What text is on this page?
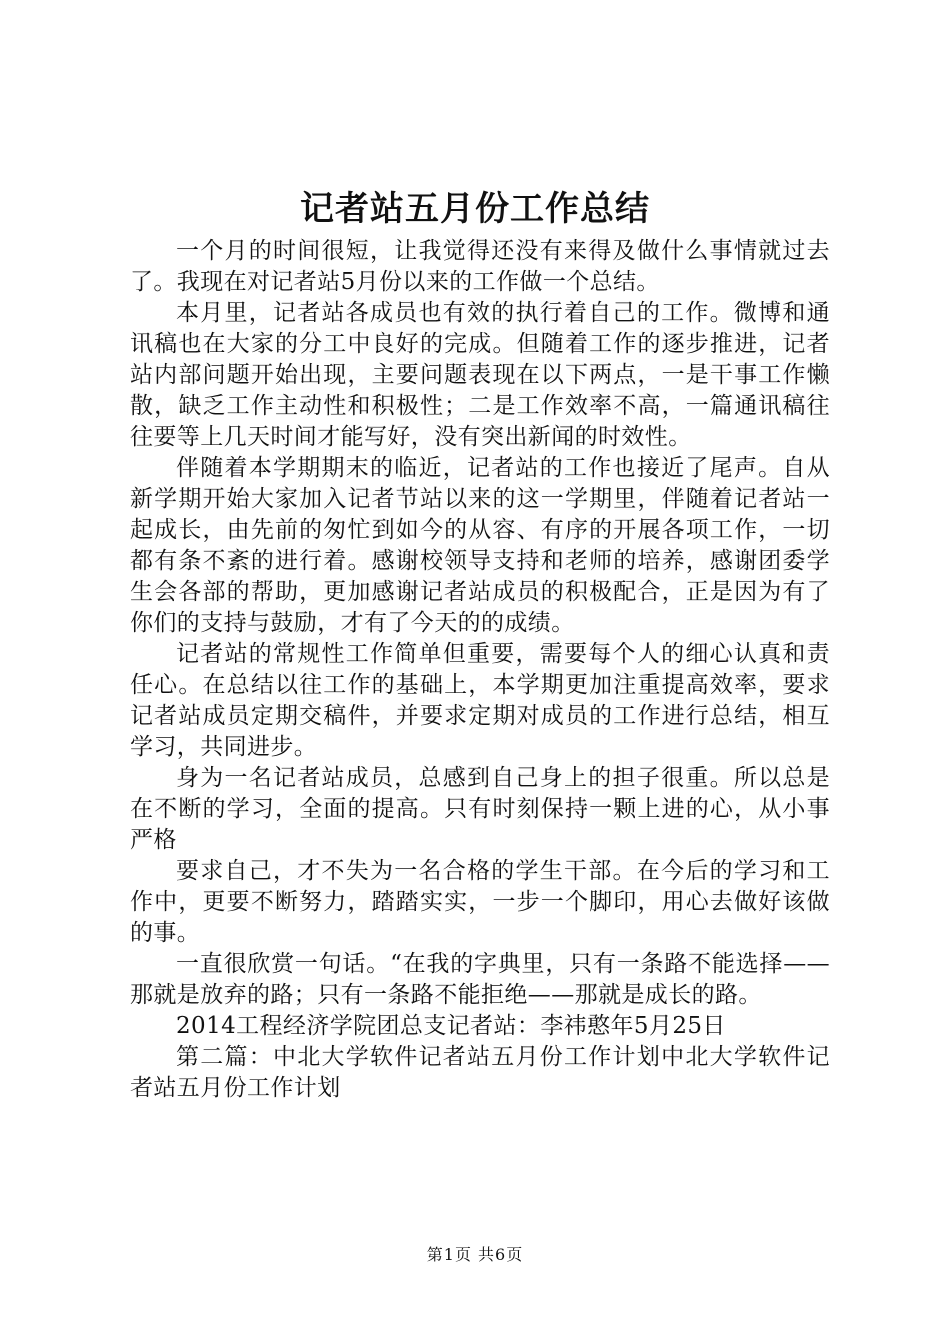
记者站五月份工作总结

一个月的时间很短，让我觉得还没有来得及做什么事情就过去了。我现在对记者站5月份以来的工作做一个总结。

本月里，记者站各成员也有效的执行着自己的工作。微博和通讯稿也在大家的分工中良好的完成。但随着工作的逐步推进，记者站内部问题开始出现，主要问题表现在以下两点，一是干事工作懒散，缺乏工作主动性和积极性；二是工作效率不高，一篇通讯稿往往要等上几天时间才能写好，没有突出新闻的时效性。

伴随着本学期期末的临近，记者站的工作也接近了尾声。自从新学期开始大家加入记者节站以来的这一学期里，伴随着记者站一起成长，由先前的匆忙到如今的从容、有序的开展各项工作，一切都有条不紊的进行着。感谢校领导支持和老师的培养，感谢团委学生会各部的帮助，更加感谢记者站成员的积极配合，正是因为有了你们的支持与鼓励，才有了今天的的成绩。

记者站的常规性工作简单但重要，需要每个人的细心认真和责任心。在总结以往工作的基础上，本学期更加注重提高效率，要求记者站成员定期交稿件，并要求定期对成员的工作进行总结，相互学习，共同进步。

身为一名记者站成员，总感到自己身上的担子很重。所以总是在不断的学习，全面的提高。只有时刻保持一颗上进的心，从小事严格

要求自己，才不失为一名合格的学生干部。在今后的学习和工作中，更要不断努力，踏踏实实，一步一个脚印，用心去做好该做的事。

一直很欣赏一句话。“在我的字典里，只有一条路不能选择——那就是放弃的路；只有一条路不能拒绝——那就是成长的路。

2014工程经济学院团总支记者站：李祎憨年5月25日

第二篇：中北大学软件记者站五月份工作计划中北大学软件记者站五月份工作计划

第1页 共6页
